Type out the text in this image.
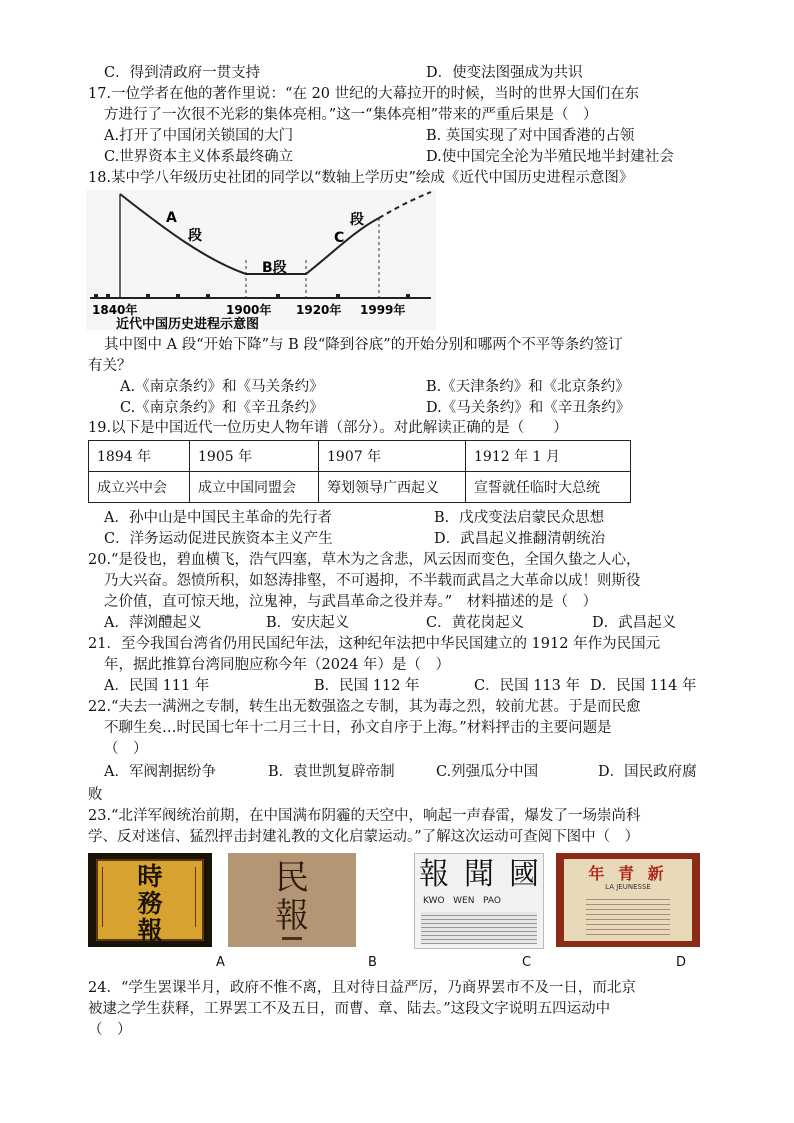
C．得到清政府一贯支持	D．使变法图强成为共识
17.一位学者在他的著作里说：“在 20 世纪的大幕拉开的时候，当时的世界大国们在东
方进行了一次很不光彩的集体亮相。”这一“集体亮相”带来的严重后果是（　）
A.打开了中国闭关锁国的大门	B. 英国实现了对中国香港的占领
C.世界资本主义体系最终确立	D.使中国完全沦为半殖民地半封建社会
18.某中学八年级历史社团的同学以“数轴上学历史”绘成《近代中国历史进程示意图》
A
段
B段
C
段
1840年	1900年 1920年 1999年
近代中国历史进程示意图
其中图中 A 段“开始下降”与 B 段“降到谷底”的开始分别和哪两个不平等条约签订
有关？
A.《南京条约》和《马关条约》	B.《天津条约》和《北京条约》
C.《南京条约》和《辛丑条约》	D.《马关条约》和《辛丑条约》
19.以下是中国近代一位历史人物年谱（部分）。对此解读正确的是（　　）
1894 年	1905 年	1907 年	1912 年 1 月
成立兴中会	成立中国同盟会	筹划领导广西起义	宣誓就任临时大总统
A．孙中山是中国民主革命的先行者	B．戊戌变法启蒙民众思想
C．洋务运动促进民族资本主义产生	D．武昌起义推翻清朝统治
20.“是役也，碧血横飞，浩气四塞，草木为之含悲，风云因而变色，全国久蛰之人心，
乃大兴奋。怨愤所积，如怒涛排壑，不可遏抑，不半载而武昌之大革命以成！则斯役
之价值，直可惊天地，泣鬼神，与武昌革命之役并寿。”　材料描述的是（　）
A．萍浏醴起义	B．安庆起义	C．黄花岗起义	D．武昌起义
21．至今我国台湾省仍用民国纪年法，这种纪年法把中华民国建立的 1912 年作为民国元
年，据此推算台湾同胞应称今年（2024 年）是（　）
A．民国 111 年	B．民国 112 年	C．民国 113 年 D．民国 114 年
22.“夫去一满洲之专制，转生出无数强盗之专制，其为毒之烈，较前尤甚。于是而民愈
不聊生矣…时民国七年十二月三十日，孙文自序于上海。”材料抨击的主要问题是
（　）
A．军阀割据纷争	B．袁世凯复辟帝制	C.列强瓜分中国	D．国民政府腐
败
23.“北洋军阀统治前期，在中国满布阴霾的天空中，响起一声春雷，爆发了一场崇尚科
学、反对迷信、猛烈抨击封建礼教的文化启蒙运动。”了解这次运动可查阅下图中（　）
時
務
報
民
報
報 聞 國
KWO   WEN   PAO
年 青 新
LA JEUNESSE
A	B	C	D
24．“学生罢课半月，政府不惟不离，且对待日益严厉，乃商界罢市不及一日，而北京
被逮之学生获释，工界罢工不及五日，而曹、章、陆去。”这段文字说明五四运动中
（　）
